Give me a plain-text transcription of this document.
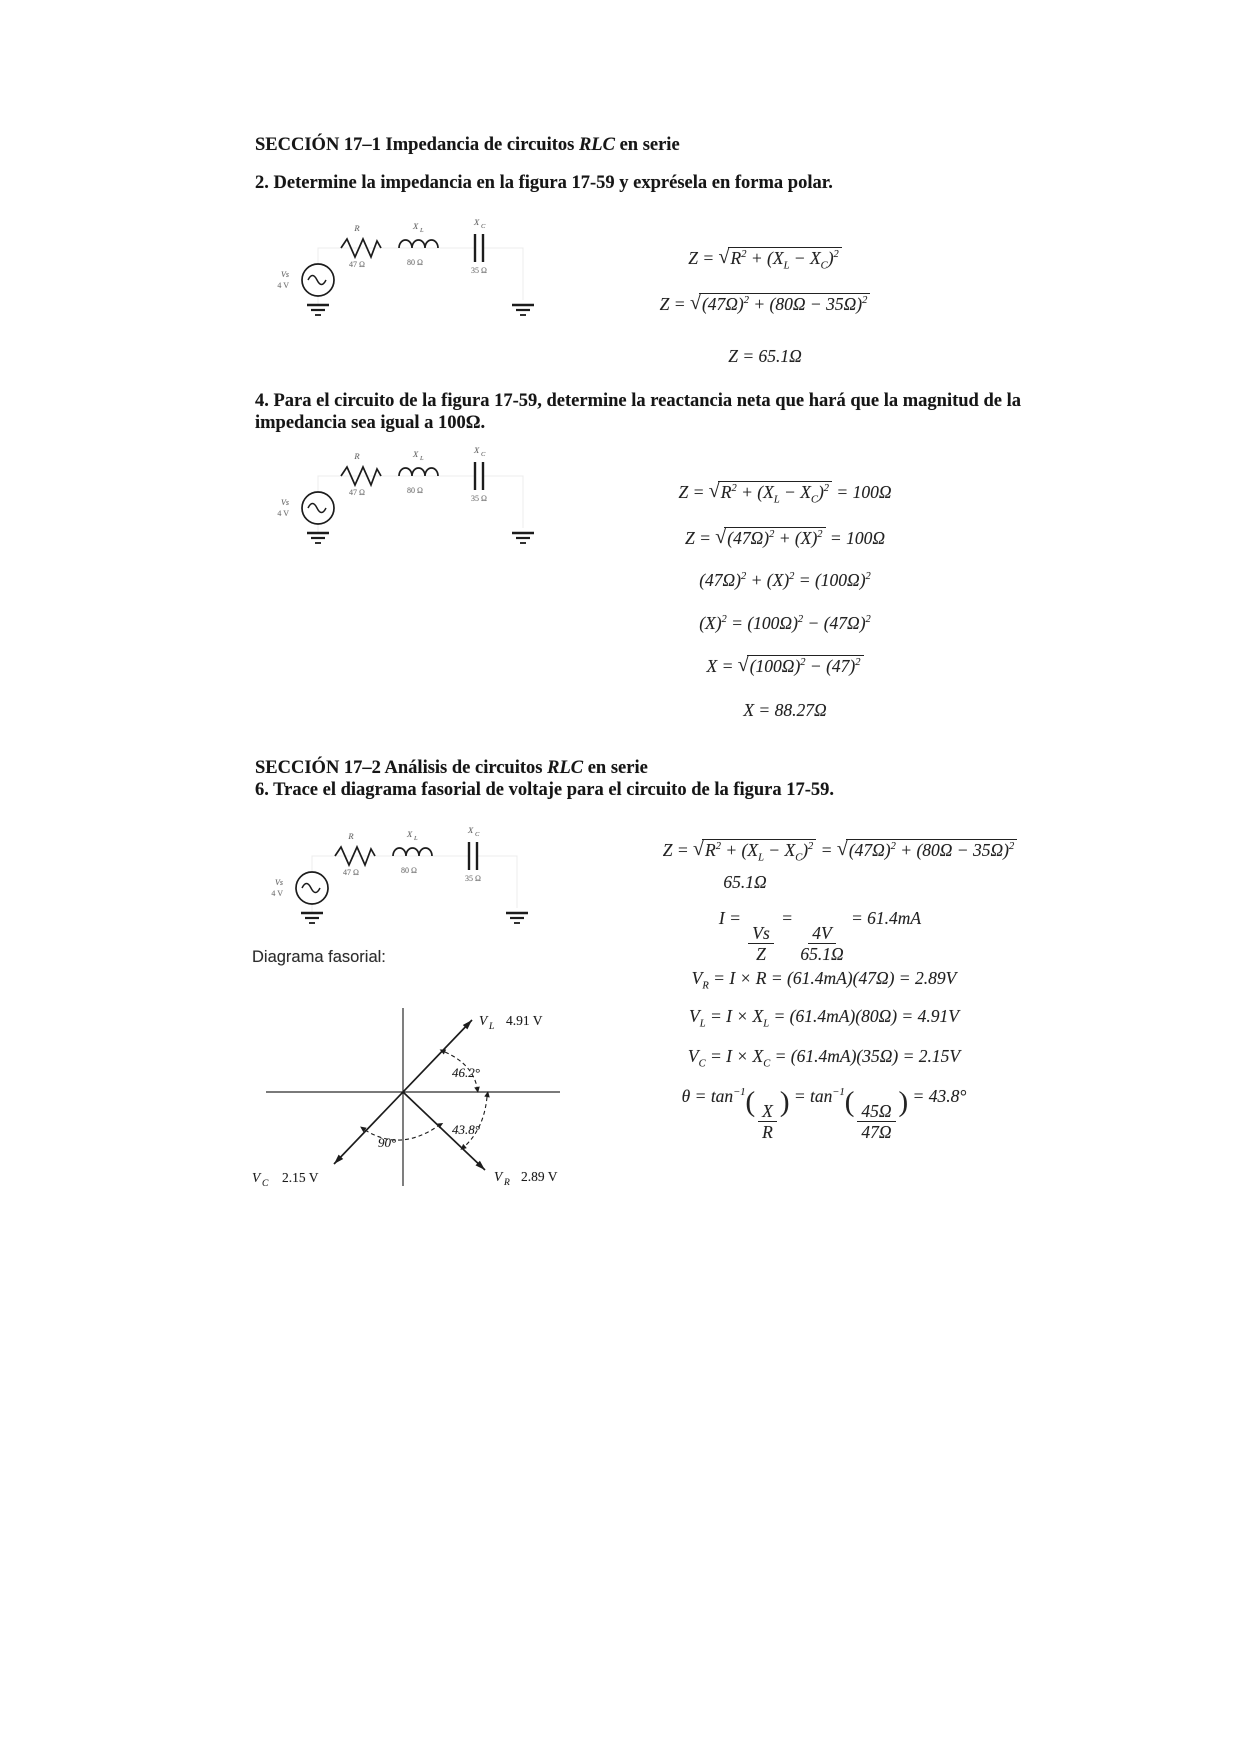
SECCIÓN 17–1 Impedancia de circuitos RLC en serie
2. Determine la impedancia en la figura 17-59 y exprésela en forma polar.
R
47 Ω
X L
80 Ω
X C
35 Ω
Vs
4 V
$Z = √R^2 + (X_L - X_C)^2$
$Z = √(47\Omega)^2 + (80\Omega - 35\Omega)^2$
Z = 65.1Ω
4. Para el circuito de la figura 17-59, determine la reactancia neta que hará que la magnitud de la impedancia sea igual a 100Ω.
R
47 Ω
X L
80 Ω
X C
35 Ω
Vs
4 V
$Z = √R^2 + (X_L - X_C)^2 = 100\Omega$
$Z = √(47\Omega)^2 + (X)^2 = 100\Omega$
$(47\Omega)^2 + (X)^2 = (100\Omega)^2$
$(X)^2 = (100\Omega)^2 - (47\Omega)^2$
$X = √(100\Omega)^2 - (47)^2$
X = 88.27Ω
SECCIÓN 17–2 Análisis de circuitos RLC en serie
6. Trace el diagrama fasorial de voltaje para el circuito de la figura 17-59.
R
47 Ω
X L
80 Ω
X C
35 Ω
Vs
4 V
$Z = √R^2 + (X_L - X_C)^2 = √(47\Omega)^2 + (80\Omega - 35\Omega)^2$
65.1Ω
I =
$\frac{Vs}{Z}$
=
$\frac{4V}{65.1\Omega}$
= 61.4mA
$V_R = I \times R = (61.4mA)(47\Omega) = 2.89V$
$V_L = I \times X_L = (61.4mA)(80\Omega) = 4.91V$
$V_C = I \times X_C = (61.4mA)(35\Omega) = 2.15V$
$\theta = \tan^{-1}( \frac{X}{R}$ ) = $\tan^{-1}( \frac{45\Omega}{47\Omega}$ ) = 43.8°
Diagrama fasorial:
V L 4.91 V
46.2°
43.8°
90°
V R 2.89 V
V C 2.15 V
